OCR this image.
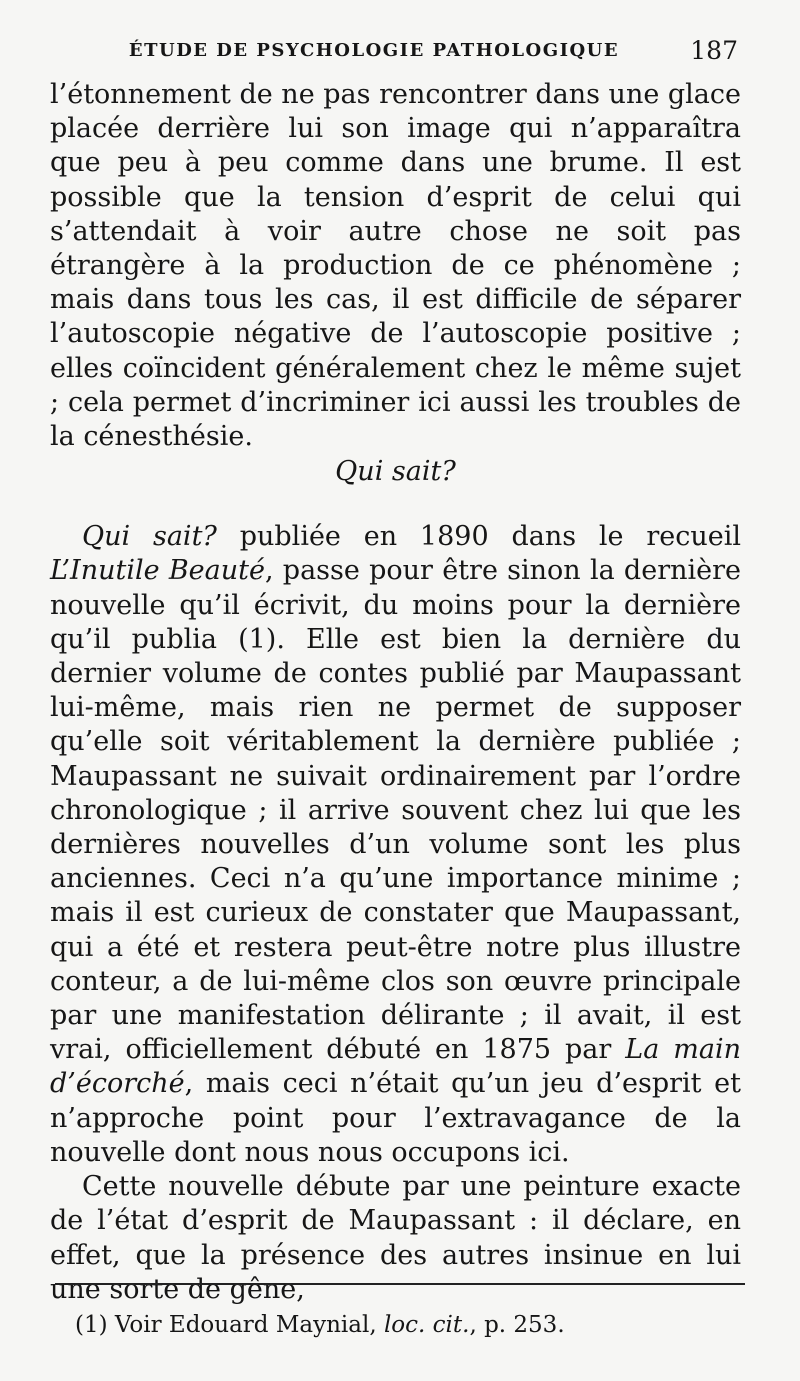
ÉTUDE DE PSYCHOLOGIE PATHOLOGIQUE	187

l’étonnement de ne pas rencontrer dans une glace placée derrière lui son image qui n’apparaîtra que peu à peu comme dans une brume. Il est possible que la tension d’esprit de celui qui s’attendait à voir autre chose ne soit pas étrangère à la production de ce phénomène ; mais dans tous les cas, il est difficile de séparer l’autoscopie négative de l’autoscopie positive ; elles coïncident généralement chez le même sujet ; cela permet d’incriminer ici aussi les troubles de la cénesthésie.

Qui sait?

Qui sait? publiée en 1890 dans le recueil L’Inutile Beauté, passe pour être sinon la dernière nouvelle qu’il écrivit, du moins pour la dernière qu’il publia (1). Elle est bien la dernière du dernier volume de contes publié par Maupassant lui-même, mais rien ne permet de supposer qu’elle soit véritablement la dernière publiée ; Maupassant ne suivait ordinairement par l’ordre chronologique ; il arrive souvent chez lui que les dernières nouvelles d’un volume sont les plus anciennes. Ceci n’a qu’une importance minime ; mais il est curieux de constater que Maupassant, qui a été et restera peut-être notre plus illustre conteur, a de lui-même clos son œuvre principale par une manifestation délirante ; il avait, il est vrai, officiellement débuté en 1875 par La main d’écorché, mais ceci n’était qu’un jeu d’esprit et n’approche point pour l’extravagance de la nouvelle dont nous nous occupons ici.

Cette nouvelle débute par une peinture exacte de l’état d’esprit de Maupassant : il déclare, en effet, que la présence des autres insinue en lui une sorte de gêne,

(1) Voir Edouard Maynial, loc. cit., p. 253.
